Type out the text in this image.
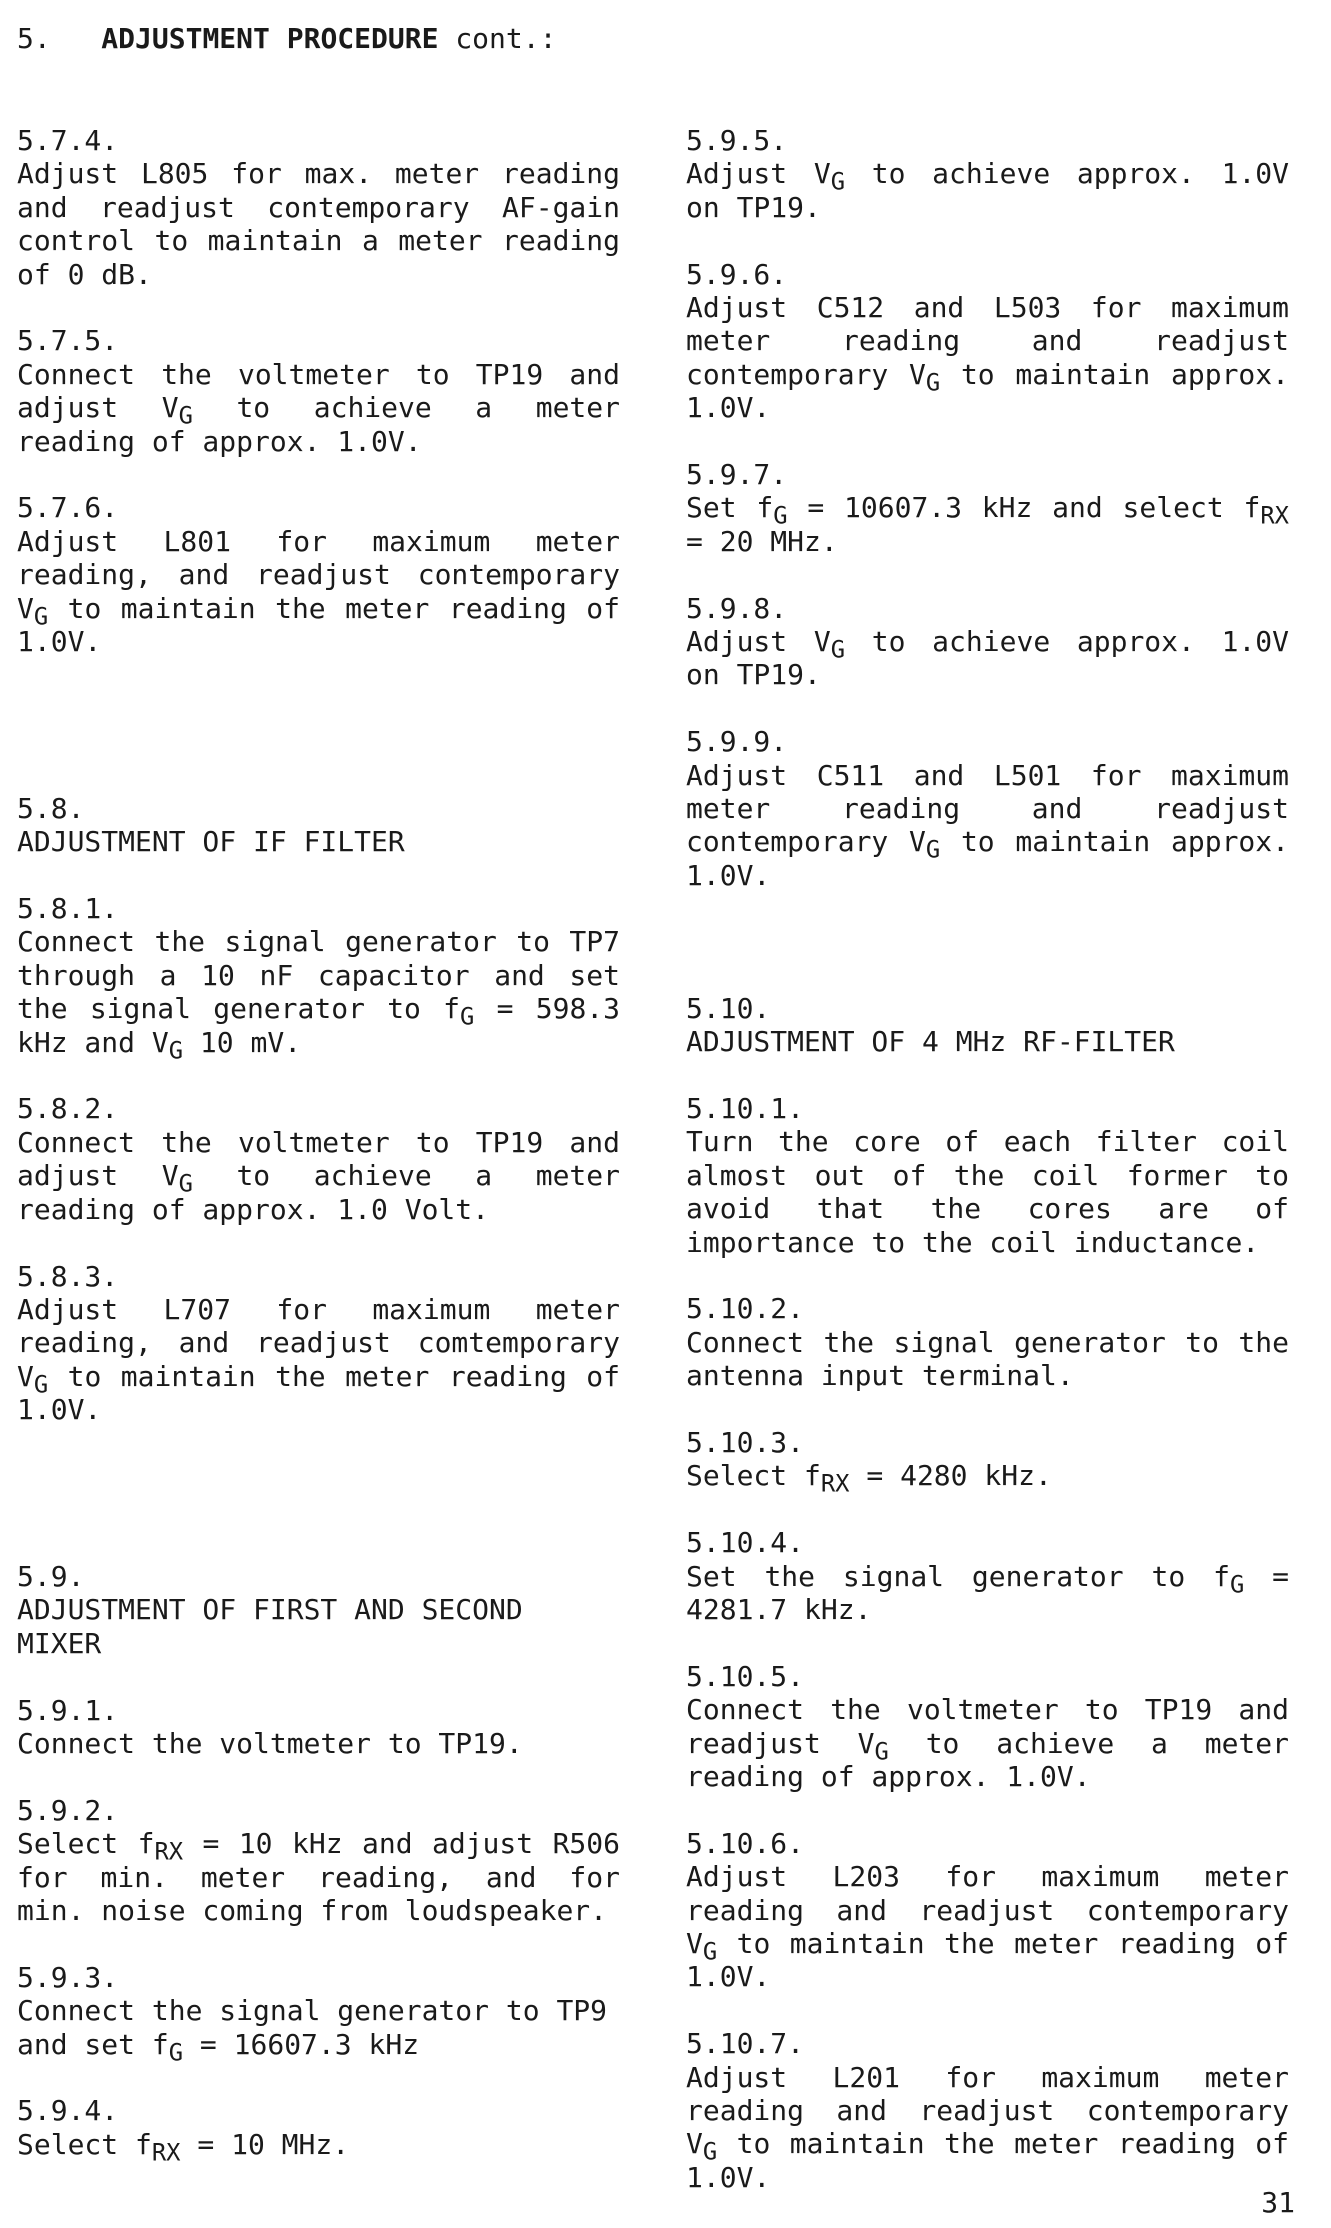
5. ADJUSTMENT PROCEDURE cont.:
5.7.4.
Adjust L805 for max. meter reading and readjust contemporary AF-gain control to maintain a meter reading of 0 dB.
5.7.5.
Connect the voltmeter to TP19 and adjust $V_G$ to achieve a meter reading of approx. 1.0V.
5.7.6.
Adjust L801 for maximum meter reading, and readjust contemporary $V_G$ to maintain the meter reading of 1.0V.
5.8.
ADJUSTMENT OF IF FILTER
5.8.1.
Connect the signal generator to TP7 through a 10 nF capacitor and set the signal generator to $f_G = 598.3$ kHz and $V_G$ 10 mV.
5.8.2.
Connect the voltmeter to TP19 and adjust $V_G$ to achieve a meter reading of approx. 1.0 Volt.
5.8.3.
Adjust L707 for maximum meter reading, and readjust comtemporary $V_G$ to maintain the meter reading of 1.0V.
5.9.
ADJUSTMENT OF FIRST AND SECOND MIXER
5.9.1.
Connect the voltmeter to TP19.
5.9.2.
Select $f_{RX} = 10$ kHz and adjust R506 for min. meter reading, and for min. noise coming from loudspeaker.
5.9.3.
Connect the signal generator to TP9 and set $f_G = 16607.3$ kHz
5.9.4.
Select $f_{RX} = 10$ MHz.
5.9.5.
Adjust $V_G$ to achieve approx. 1.0V on TP19.
5.9.6.
Adjust C512 and L503 for maximum meter reading and readjust contemporary $V_G$ to maintain approx. 1.0V.
5.9.7.
Set $f_G = 10607.3$ kHz and select $f_{RX} = 20$ MHz.
5.9.8.
Adjust $V_G$ to achieve approx. 1.0V on TP19.
5.9.9.
Adjust C511 and L501 for maximum meter reading and readjust contemporary $V_G$ to maintain approx. 1.0V.
5.10.
ADJUSTMENT OF 4 MHz RF-FILTER
5.10.1.
Turn the core of each filter coil almost out of the coil former to avoid that the cores are of importance to the coil inductance.
5.10.2.
Connect the signal generator to the antenna input terminal.
5.10.3.
Select $f_{RX} = 4280$ kHz.
5.10.4.
Set the signal generator to $f_G = 4281.7$ kHz.
5.10.5.
Connect the voltmeter to TP19 and readjust $V_G$ to achieve a meter reading of approx. 1.0V.
5.10.6.
Adjust L203 for maximum meter reading and readjust contemporary $V_G$ to maintain the meter reading of 1.0V.
5.10.7.
Adjust L201 for maximum meter reading and readjust contemporary $V_G$ to maintain the meter reading of 1.0V.
31
